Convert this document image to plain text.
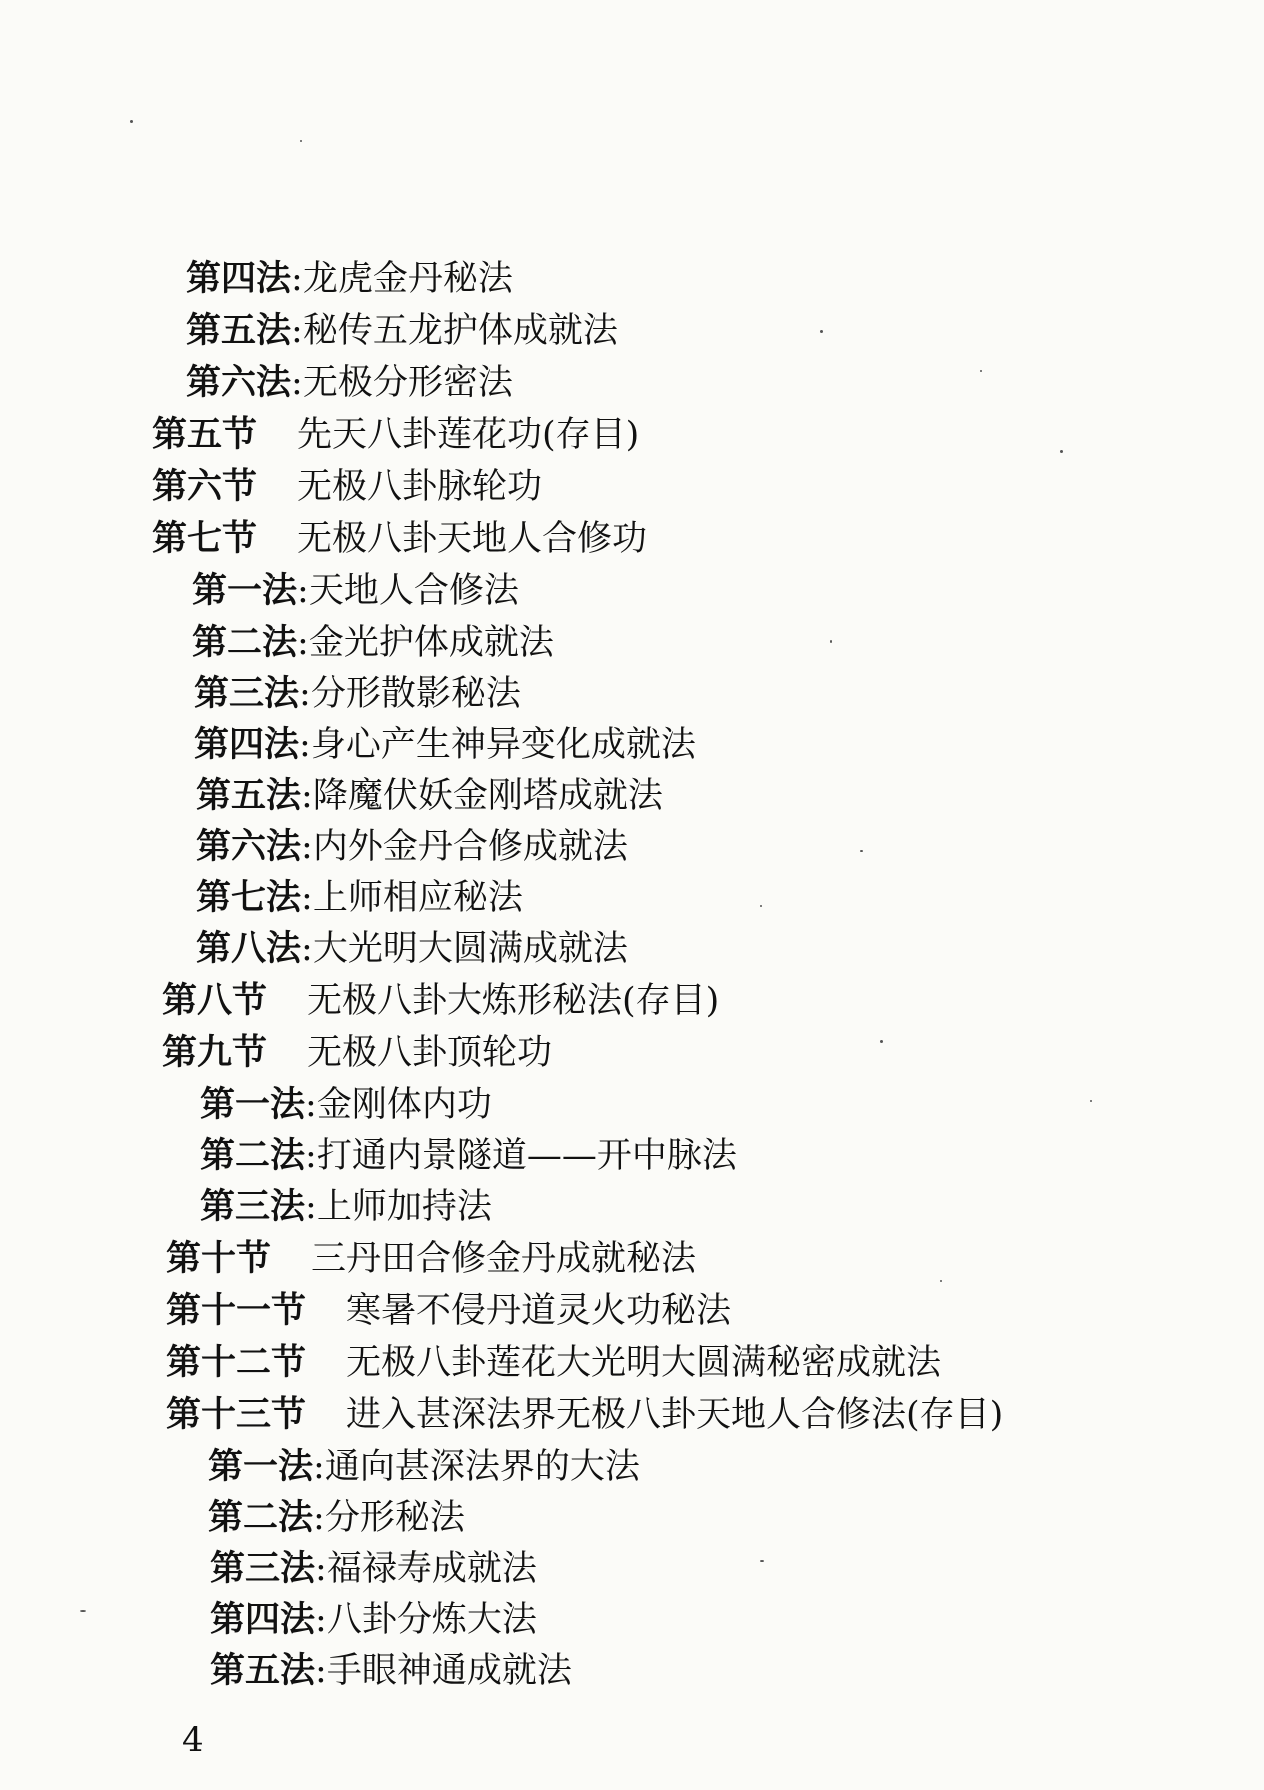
第四法:龙虎金丹秘法
第五法:秘传五龙护体成就法
第六法:无极分形密法
第五节 先天八卦莲花功(存目)
第六节 无极八卦脉轮功
第七节 无极八卦天地人合修功
第一法:天地人合修法
第二法:金光护体成就法
第三法:分形散影秘法
第四法:身心产生神异变化成就法
第五法:降魔伏妖金刚塔成就法
第六法:内外金丹合修成就法
第七法:上师相应秘法
第八法:大光明大圆满成就法
第八节 无极八卦大炼形秘法(存目)
第九节 无极八卦顶轮功
第一法:金刚体内功
第二法:打通内景隧道——开中脉法
第三法:上师加持法
第十节 三丹田合修金丹成就秘法
第十一节 寒暑不侵丹道灵火功秘法
第十二节 无极八卦莲花大光明大圆满秘密成就法
第十三节 进入甚深法界无极八卦天地人合修法(存目)
第一法:通向甚深法界的大法
第二法:分形秘法
第三法:福禄寿成就法
第四法:八卦分炼大法
第五法:手眼神通成就法
4
